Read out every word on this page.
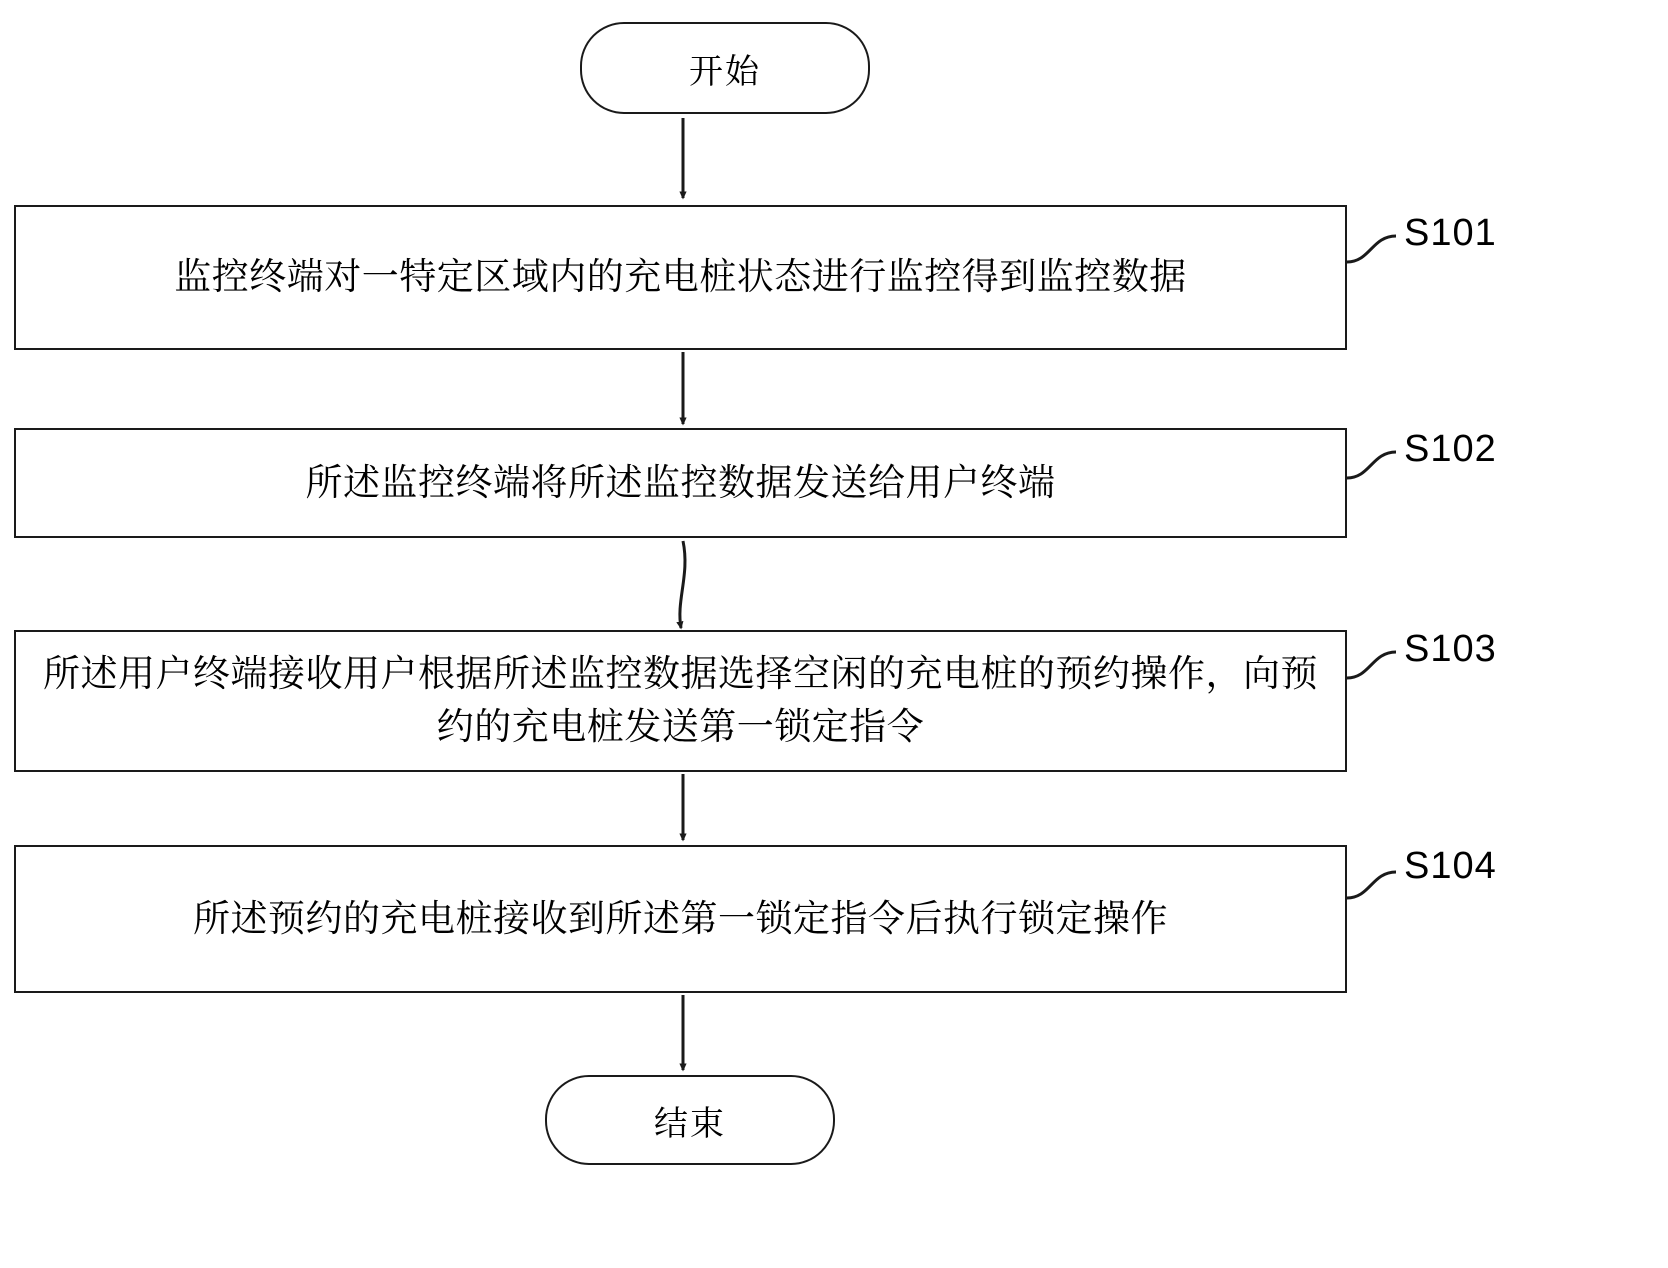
开始
监控终端对一特定区域内的充电桩状态进行监控得到监控数据
S101
所述监控终端将所述监控数据发送给用户终端
S102
所述用户终端接收用户根据所述监控数据选择空闲的充电桩的预约操作，向预约的充电桩发送第一锁定指令
S103
所述预约的充电桩接收到所述第一锁定指令后执行锁定操作
S104
结束
